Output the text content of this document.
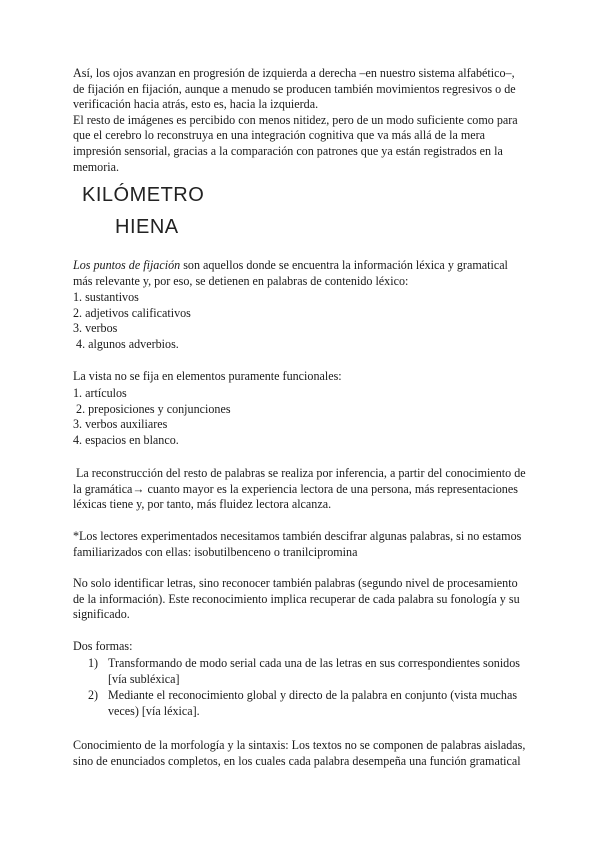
Así, los ojos avanzan en progresión de izquierda a derecha –en nuestro sistema alfabético–,
de fijación en fijación, aunque a menudo se producen también movimientos regresivos o de
verificación hacia atrás, esto es, hacia la izquierda.
El resto de imágenes es percibido con menos nitidez, pero de un modo suficiente como para
que el cerebro lo reconstruya en una integración cognitiva que va más allá de la mera
impresión sensorial, gracias a la comparación con patrones que ya están registrados en la
memoria.

KILÓMETRO
HIENA

Los puntos de fijación son aquellos donde se encuentra la información léxica y gramatical
más relevante y, por eso, se detienen en palabras de contenido léxico:

1. sustantivos
2. adjetivos calificativos
3. verbos
4. algunos adverbios.

La vista no se fija en elementos puramente funcionales:

1. artículos
2. preposiciones y conjunciones
3. verbos auxiliares
4. espacios en blanco.

La reconstrucción del resto de palabras se realiza por inferencia, a partir del conocimiento de
la gramática→ cuanto mayor es la experiencia lectora de una persona, más representaciones
léxicas tiene y, por tanto, más fluidez lectora alcanza.

*Los lectores experimentados necesitamos también descifrar algunas palabras, si no estamos
familiarizados con ellas: isobutilbenceno o tranilcipromina

No solo identificar letras, sino reconocer también palabras (segundo nivel de procesamiento
de la información). Este reconocimiento implica recuperar de cada palabra su fonología y su
significado.

Dos formas:

1) Transformando de modo serial cada una de las letras en sus correspondientes sonidos
[vía subléxica]
2) Mediante el reconocimiento global y directo de la palabra en conjunto (vista muchas
veces) [vía léxica].

Conocimiento de la morfología y la sintaxis: Los textos no se componen de palabras aisladas,
sino de enunciados completos, en los cuales cada palabra desempeña una función gramatical
